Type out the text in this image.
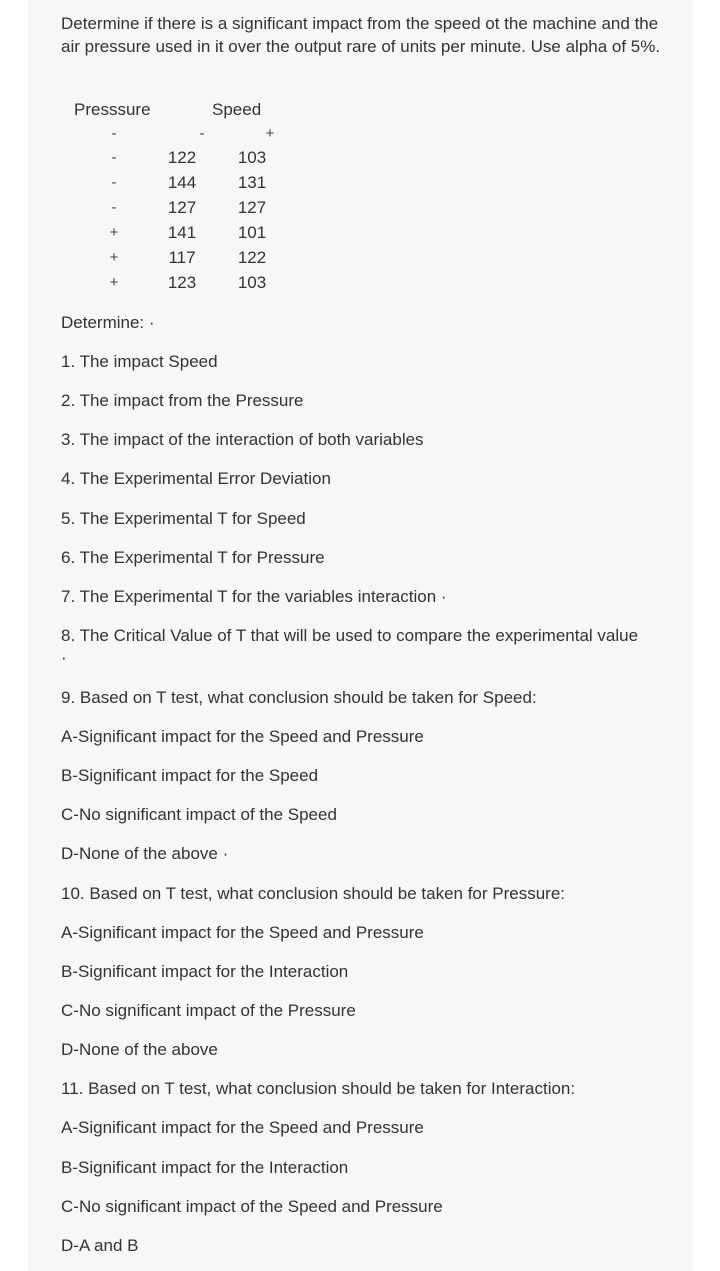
Determine if there is a significant impact from the speed ot the machine and the air pressure used in it over the output rare of units per minute. Use alpha of 5%.

Presssure	Speed
-	-	+
-	122	103
-	144	131
-	127	127
+	141	101
+	117	122
+	123	103

Determine: ·

1. The impact Speed

2. The impact from the Pressure

3. The impact of the interaction of both variables

4. The Experimental Error Deviation

5. The Experimental T for Speed

6. The Experimental T for Pressure

7. The Experimental T for the variables interaction ·

8. The Critical Value of T that will be used to compare the experimental value ·

9. Based on T test, what conclusion should be taken for Speed:

A-Significant impact for the Speed and Pressure

B-Significant impact for the Speed

C-No significant impact of the Speed

D-None of the above ·

10. Based on T test, what conclusion should be taken for Pressure:

A-Significant impact for the Speed and Pressure

B-Significant impact for the Interaction

C-No significant impact of the Pressure

D-None of the above

11. Based on T test, what conclusion should be taken for Interaction:

A-Significant impact for the Speed and Pressure

B-Significant impact for the Interaction

C-No significant impact of the Speed and Pressure

D-A and B
